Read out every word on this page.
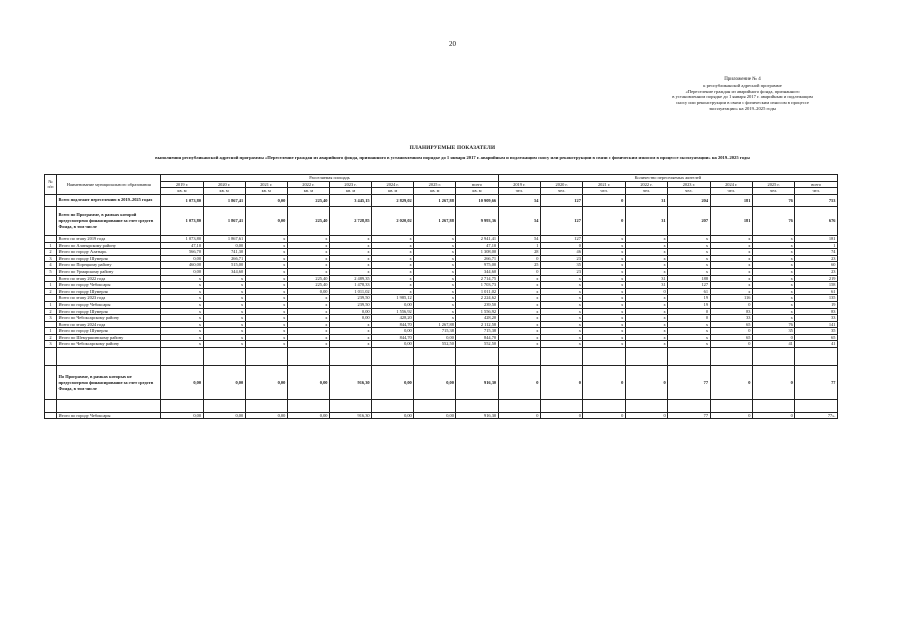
20
Приложение № 4
к республиканской адресной программе
«Переселение граждан из аварийного фонда, признанного
в установленном порядке до 1 января 2017 г. аварийным и подлежащим
сносу или реконструкции в связи с физическим износом в процессе
эксплуатации» на 2019–2025 годы
ПЛАНИРУЕМЫЕ ПОКАЗАТЕЛИ
выполнения республиканской адресной программы «Переселение граждан из аварийного фонда, признанного в установленном порядке до 1 января 2017 г. аварийным и подлежащим сносу или реконструкции в связи с физическим износом в процессе эксплуатации» на 2019–2025 годы
№ п/п	Наименование муниципального образования	Расселяемая площадь								Количество переселяемых жителей							
		2019 г.	2020 г.	2021 г.	2022 г.	2023 г.	2024 г.	2025 г.	всего	2019 г.	2020 г.	2021 г.	2022 г.	2023 г.	2024 г.	2025 г.	всего
		кв. м	кв. м	кв. м	кв. м	кв. м	кв. м	кв. м	кв. м	чел.	чел.	чел.	чел.	чел.	чел.	чел.	чел.
	Всего подлежит переселению в 2019–2025 годах	1 073,80	1 867,41	0,00	225,40	3 445,15	2 829,02	1 267,88	10 909,66	54	127	0	31	204	181	76	753
	Всего по Программе, в рамках которой предусмотрено финансирование за счет средств Фонда, в том числе	1 073,80	1 867,41	0,00	225,40	2 728,85	2 020,02	1 267,88	9 993,36	54	127	0	31	207	181	76	676
	Всего по этапу 2019 года	1 073,80	1 867,61	х	х	х	х	х	2 941,41	54	127	х	х	х	х	х	181
1	Итого по Алатырскому району	47,10	0,00	х	х	х	х	х	47,10	1	0	х	х	х	х	х	1
2	Итого по городу Алатырь	566,70	741,30	х	х	х	х	х	1 308,00	28	46	х	х	х	х	х	74
3	Итого по городу Шумерля	0,00	266,71	х	х	х	х	х	266,71	0	23	х	х	х	х	х	23
4	Итого по Порецкому району	460,00	515,00	х	х	х	х	х	975,00	25	35	х	х	х	х	х	60
5	Итого по Урмарскому району	0,00	344,60	х	х	х	х	х	344,60	0	23	х	х	х	х	х	23
	Всего по этапу 2022 года	х	х	х	225,40	2 489,35	х	х	2 714,75	х	х	х	31	188	х	х	219
1	Итого по городу Чебоксары	х	х	х	225,40	1 478,33	х	х	1 703,73	х	х	х	31	127	х	х	158
2	Итого по городу Шумерля	х	х	х	0,00	1 011,02	х	х	1 011,02	х	х	х	0	61	х	х	61
	Всего по этапу 2023 года	х	х	х	х	239,50	1 985,12	х	2 224,62	х	х	х	х	19	116	х	135
1	Итого по городу Чебоксары	х	х	х	х	239,50	0,00	х	239,50	х	х	х	х	19	0	х	19
2	Итого по городу Шумерля	х	х	х	х	0,00	1 556,92	х	1 556,92	х	х	х	х	0	83	х	83
3	Итого по Чебоксарскому району	х	х	х	х	0,00	428,20	х	428,20	х	х	х	х	0	33	х	33
	Всего по этапу 2024 года	х	х	х	х	х	844,70	1 267,88	2 112,58	х	х	х	х	х	65	76	141
1	Итого по городу Шумерля	х	х	х	х	х	0,00	715,38	715,38	х	х	х	х	х	0	35	35
2	Итого по Шемуршинскому району	х	х	х	х	х	844,70	0,00	844,70	х	х	х	х	х	65	0	65
3	Итого по Чебоксарскому району	х	х	х	х	х	0,00	552,50	552,50	х	х	х	х	х	0	41	41

	По Программе, в рамках которых не предусмотрено финансирование за счет средств Фонда, в том числе	0,00	0,00	0,00	0,00	916,30	0,00	0,00	916,30	0	0	0	0	77	0	0	77

	Итого по городу Чебоксары	0,00	0,00	0,00	0,00	916,30	0,00	0,00	916,30	0	0	0	0	77	0	0	77».
